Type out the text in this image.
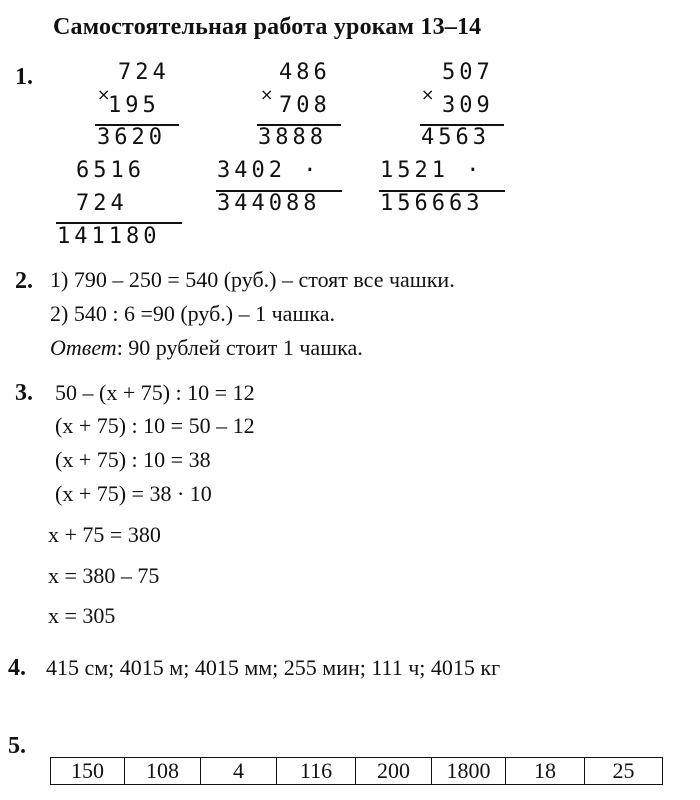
Самостоятельная работа урокам 13–14
1.
×
724
195
3620
6516
724
141180
×
486
708
3888
3402 ·
344088
×
507
309
4563
1521 ·
156663
2. 1) 790 – 250 = 540 (руб.) – стоят все чашки.
2) 540 : 6 =90 (руб.) – 1 чашка.
Ответ: 90 рублей стоит 1 чашка.
3. 50 – (x + 75) : 10 = 12
(x + 75) : 10 = 50 – 12
(x + 75) : 10 = 38
(x + 75) = 38 · 10
x + 75 = 380
x = 380 – 75
x = 305
4. 415 см; 4015 м; 4015 мм; 255 мин; 111 ч; 4015 кг
5.
150	108	4	116	200	1800	18	25
